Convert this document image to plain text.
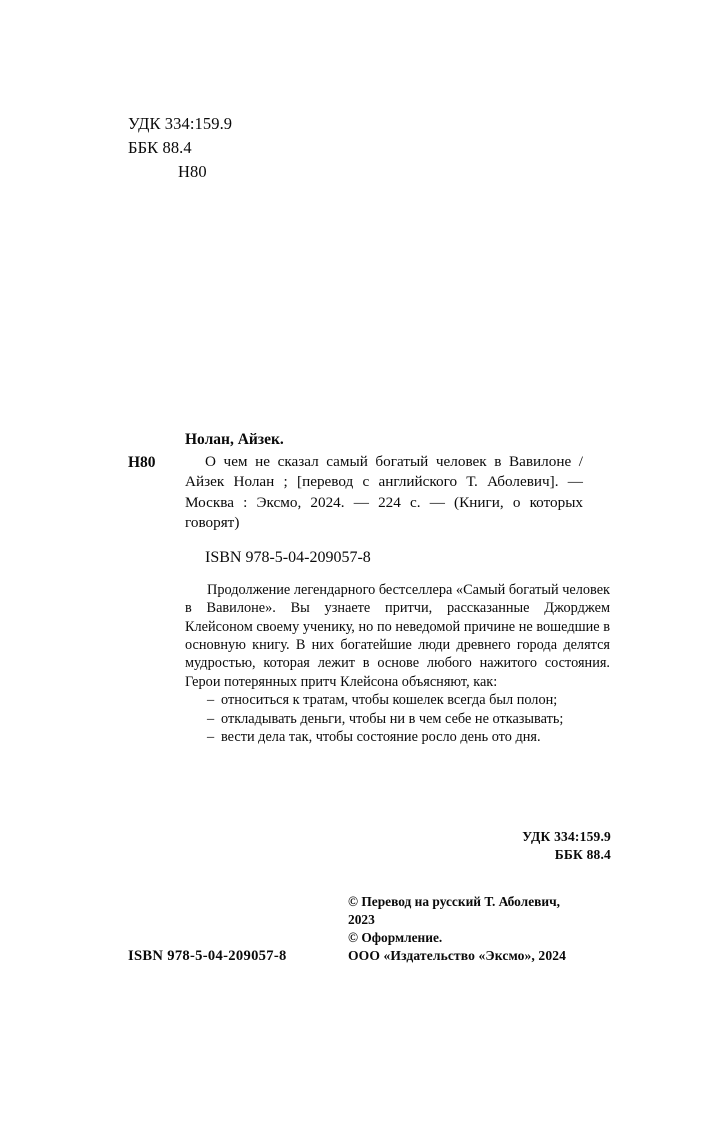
УДК 334:159.9
ББК 88.4
Н80
Нолан, Айзек.
Н80	О чем не сказал самый богатый человек в Вавилоне / Айзек Нолан ; [перевод с английского Т. Аболевич]. — Москва : Эксмо, 2024. — 224 с. — (Книги, о которых говорят)
ISBN 978-5-04-209057-8

Продолжение легендарного бестселлера «Самый богатый человек в Вавилоне». Вы узнаете притчи, рассказанные Джорджем Клейсоном своему ученику, но по неведомой причине не вошедшие в основную книгу. В них богатейшие люди древнего города делятся мудростью, которая лежит в основе любого нажитого состояния. Герои потерянных притч Клейсона объясняют, как:

– относиться к тратам, чтобы кошелек всегда был полон;
– откладывать деньги, чтобы ни в чем себе не отказывать;
– вести дела так, чтобы состояние росло день ото дня.
УДК 334:159.9
ББК 88.4
© Перевод на русский Т. Аболевич,
2023
© Оформление.
ISBN 978-5-04-209057-8	ООО «Издательство «Эксмо», 2024
